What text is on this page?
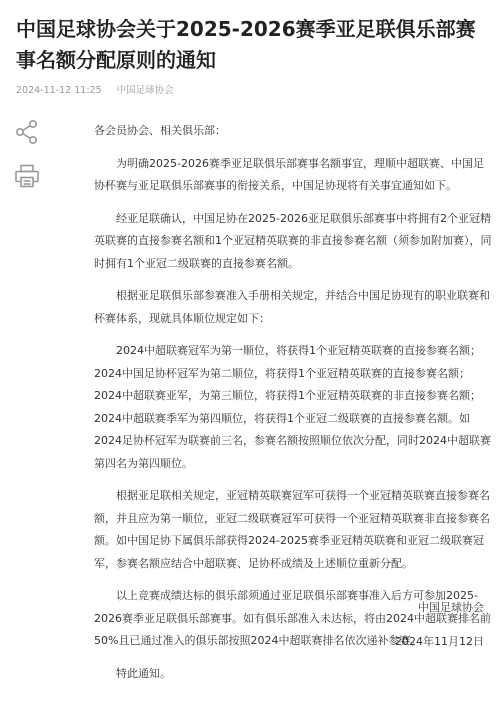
中国足球协会关于2025-2026赛季亚足联俱乐部赛事名额分配原则的通知
2024-11-12 11:25 中国足球协会

各会员协会、相关俱乐部：

为明确2025-2026赛季亚足联俱乐部赛事名额事宜，理顺中超联赛、中国足协杯赛与亚足联俱乐部赛事的衔接关系，中国足协现将有关事宜通知如下。

经亚足联确认，中国足协在2025-2026亚足联俱乐部赛事中将拥有2个亚冠精英联赛的直接参赛名额和1个亚冠精英联赛的非直接参赛名额（须参加附加赛），同时拥有1个亚冠二级联赛的直接参赛名额。

根据亚足联俱乐部参赛准入手册相关规定，并结合中国足协现有的职业联赛和杯赛体系，现就具体顺位规定如下：

2024中超联赛冠军为第一顺位，将获得1个亚冠精英联赛的直接参赛名额；2024中国足协杯冠军为第二顺位，将获得1个亚冠精英联赛的直接参赛名额；2024中超联赛亚军，为第三顺位，将获得1个亚冠精英联赛的非直接参赛名额；2024中超联赛季军为第四顺位，将获得1个亚冠二级联赛的直接参赛名额。如2024足协杯冠军为联赛前三名，参赛名额按照顺位依次分配，同时2024中超联赛第四名为第四顺位。

根据亚足联相关规定，亚冠精英联赛冠军可获得一个亚冠精英联赛直接参赛名额，并且应为第一顺位，亚冠二级联赛冠军可获得一个亚冠精英联赛非直接参赛名额。如中国足协下属俱乐部获得2024-2025赛季亚冠精英联赛和亚冠二级联赛冠军，参赛名额应结合中超联赛、足协杯成绩及上述顺位重新分配。

以上竞赛成绩达标的俱乐部须通过亚足联俱乐部赛事准入后方可参加2025-2026赛季亚足联俱乐部赛事。如有俱乐部准入未达标，将由2024中超联赛排名前50%且已通过准入的俱乐部按照2024中超联赛排名依次递补参赛。

特此通知。

中国足球协会
2024年11月12日
